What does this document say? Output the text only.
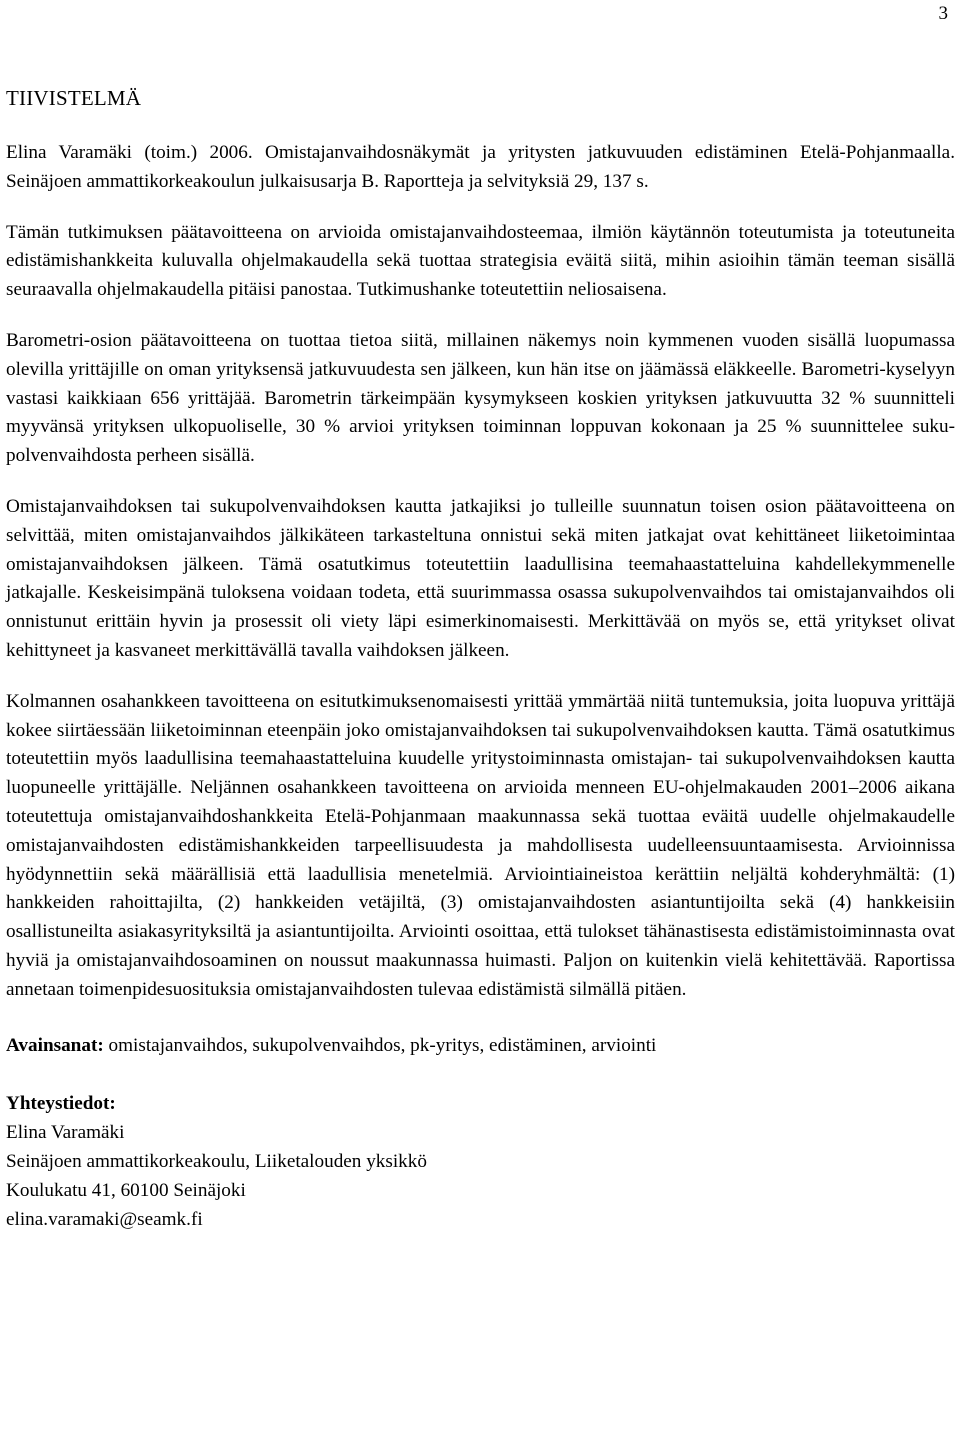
3
TIIVISTELMÄ

Elina Varamäki (toim.) 2006. Omistajanvaihdosnäkymät ja yritysten jatkuvuuden edistäminen Etelä-Pohjanmaalla. Seinäjoen ammattikorkeakoulun julkaisusarja B. Raportteja ja selvityksiä 29, 137 s.

Tämän tutkimuksen päätavoitteena on arvioida omistajanvaihdosteemaa, ilmiön käytännön toteutumista ja toteutuneita edistämishankkeita kuluvalla ohjelmakaudella sekä tuottaa strategisia eväitä siitä, mihin asioihin tämän teeman sisällä seuraavalla ohjelmakaudella pitäisi panostaa. Tutkimushanke toteutettiin neliosaisena.

Barometri-osion päätavoitteena on tuottaa tietoa siitä, millainen näkemys noin kymmenen vuoden sisällä luopumassa olevilla yrittäjille on oman yrityksensä jatkuvuudesta sen jälkeen, kun hän itse on jäämässä eläkkeelle. Barometri-kyselyyn vastasi kaikkiaan 656 yrittäjää. Barometrin tärkeimpään kysymykseen koskien yrityksen jatkuvuutta 32 % suunnitteli myyvänsä yrityksen ulkopuoliselle, 30 % arvioi yrityksen toiminnan loppuvan kokonaan ja 25 % suunnittelee sukupolvenvaihdosta perheen sisällä.

Omistajanvaihdoksen tai sukupolvenvaihdoksen kautta jatkajiksi jo tulleille suunnatun toisen osion päätavoitteena on selvittää, miten omistajanvaihdos jälkikäteen tarkasteltuna onnistui sekä miten jatkajat ovat kehittäneet liiketoimintaa omistajanvaihdoksen jälkeen. Tämä osatutkimus toteutettiin laadullisina teemahaastatteluina kahdellekymmenelle jatkajalle. Keskeisimpänä tuloksena voidaan todeta, että suurimmassa osassa sukupolvenvaihdos tai omistajanvaihdos oli onnistunut erittäin hyvin ja prosessit oli viety läpi esimerkinomaisesti. Merkittävää on myös se, että yritykset olivat kehittyneet ja kasvaneet merkittävällä tavalla vaihdoksen jälkeen.

Kolmannen osahankkeen tavoitteena on esitutkimuksenomaisesti yrittää ymmärtää niitä tuntemuksia, joita luopuva yrittäjä kokee siirtäessään liiketoiminnan eteenpäin joko omistajanvaihdoksen tai sukupolvenvaihdoksen kautta. Tämä osatutkimus toteutettiin myös laadullisina teemahaastatteluina kuudelle yritystoiminnasta omistajan- tai sukupolvenvaihdoksen kautta luopuneelle yrittäjälle. Neljännen osahankkeen tavoitteena on arvioida menneen EU-ohjelmakauden 2001–2006 aikana toteutettuja omistajanvaihdoshankkeita Etelä-Pohjanmaan maakunnassa sekä tuottaa eväitä uudelle ohjelmakaudelle omistajanvaihdosten edistämishankkeiden tarpeellisuudesta ja mahdollisesta uudelleensuuntaamisesta. Arvioinnissa hyödynnettiin sekä määrällisiä että laadullisia menetelmiä. Arviointiaineistoa kerättiin neljältä kohderyhmältä: (1) hankkeiden rahoittajilta, (2) hankkeiden vetäjiltä, (3) omistajanvaihdosten asiantuntijoilta sekä (4) hankkeisiin osallistuneilta asiakasyrityksiltä ja asiantuntijoilta. Arviointi osoittaa, että tulokset tähänastisesta edistämistoiminnasta ovat hyviä ja omistajanvaihdosoaminen on noussut maakunnassa huimasti. Paljon on kuitenkin vielä kehitettävää. Raportissa annetaan toimenpidesuosituksia omistajanvaihdosten tulevaa edistämistä silmällä pitäen.

Avainsanat: omistajanvaihdos, sukupolvenvaihdos, pk-yritys, edistäminen, arviointi

Yhteystiedot:
Elina Varamäki
Seinäjoen ammattikorkeakoulu, Liiketalouden yksikkö
Koulukatu 41, 60100 Seinäjoki
elina.varamaki@seamk.fi
